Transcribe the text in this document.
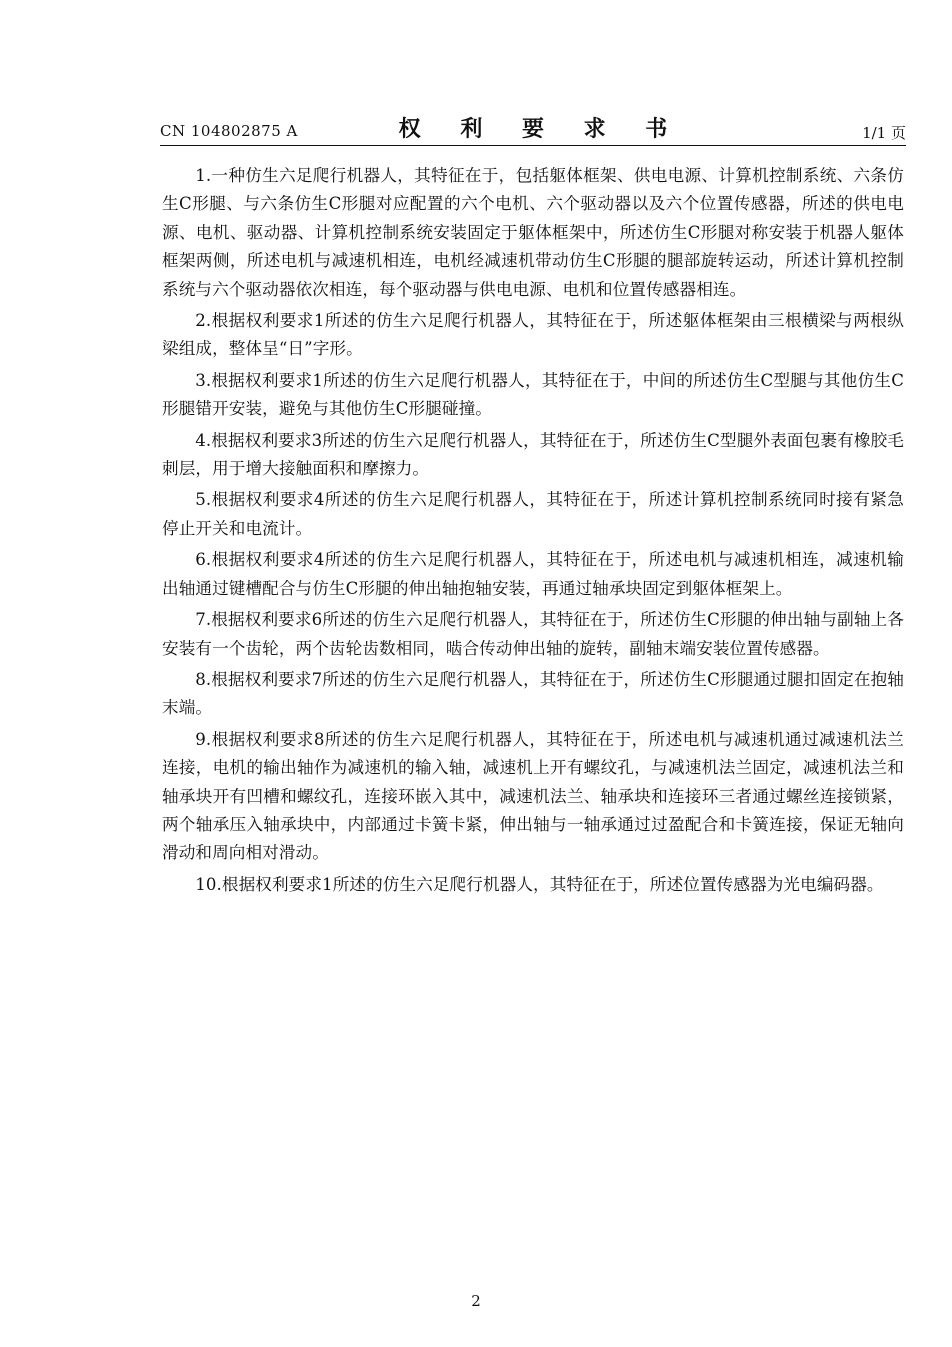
CN 104802875 A	权 利 要 求 书	1/1 页

1.一种仿生六足爬行机器人，其特征在于，包括躯体框架、供电电源、计算机控制系统、六条仿生C形腿、与六条仿生C形腿对应配置的六个电机、六个驱动器以及六个位置传感器，所述的供电电源、电机、驱动器、计算机控制系统安装固定于躯体框架中，所述仿生C形腿对称安装于机器人躯体框架两侧，所述电机与减速机相连，电机经减速机带动仿生C形腿的腿部旋转运动，所述计算机控制系统与六个驱动器依次相连，每个驱动器与供电电源、电机和位置传感器相连。

2.根据权利要求1所述的仿生六足爬行机器人，其特征在于，所述躯体框架由三根横梁与两根纵梁组成，整体呈“日”字形。

3.根据权利要求1所述的仿生六足爬行机器人，其特征在于，中间的所述仿生C型腿与其他仿生C形腿错开安装，避免与其他仿生C形腿碰撞。

4.根据权利要求3所述的仿生六足爬行机器人，其特征在于，所述仿生C型腿外表面包裹有橡胶毛刺层，用于增大接触面积和摩擦力。

5.根据权利要求4所述的仿生六足爬行机器人，其特征在于，所述计算机控制系统同时接有紧急停止开关和电流计。

6.根据权利要求4所述的仿生六足爬行机器人，其特征在于，所述电机与减速机相连，减速机输出轴通过键槽配合与仿生C形腿的伸出轴抱轴安装，再通过轴承块固定到躯体框架上。

7.根据权利要求6所述的仿生六足爬行机器人，其特征在于，所述仿生C形腿的伸出轴与副轴上各安装有一个齿轮，两个齿轮齿数相同，啮合传动伸出轴的旋转，副轴末端安装位置传感器。

8.根据权利要求7所述的仿生六足爬行机器人，其特征在于，所述仿生C形腿通过腿扣固定在抱轴末端。

9.根据权利要求8所述的仿生六足爬行机器人，其特征在于，所述电机与减速机通过减速机法兰连接，电机的输出轴作为减速机的输入轴，减速机上开有螺纹孔，与减速机法兰固定，减速机法兰和轴承块开有凹槽和螺纹孔，连接环嵌入其中，减速机法兰、轴承块和连接环三者通过螺丝连接锁紧，两个轴承压入轴承块中，内部通过卡簧卡紧，伸出轴与一轴承通过过盈配合和卡簧连接，保证无轴向滑动和周向相对滑动。

10.根据权利要求1所述的仿生六足爬行机器人，其特征在于，所述位置传感器为光电编码器。

2
